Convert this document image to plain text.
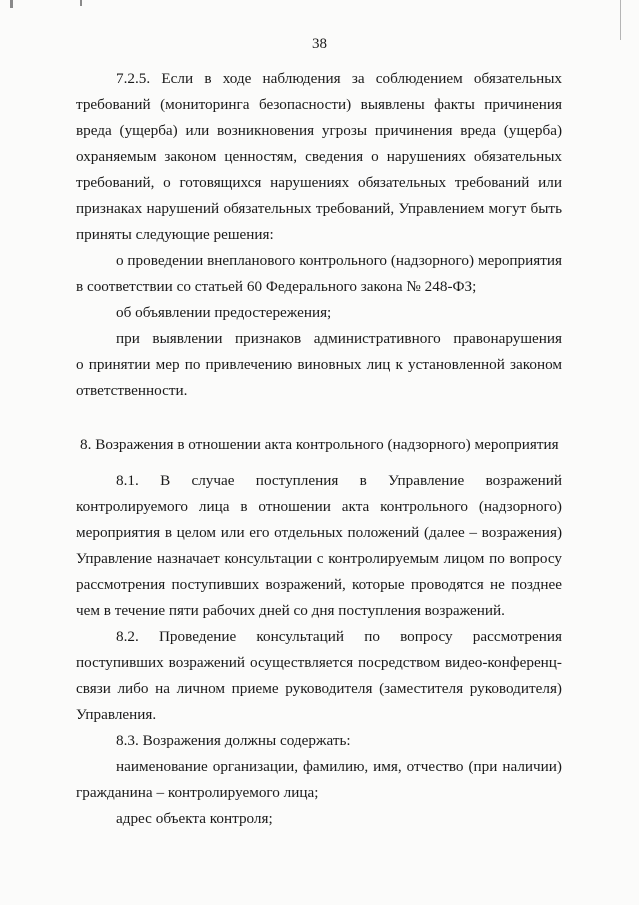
38

7.2.5. Если в ходе наблюдения за соблюдением обязательных

требований (мониторинга безопасности) выявлены факты причинения

вреда (ущерба) или возникновения угрозы причинения вреда (ущерба)

охраняемым законом ценностям, сведения о нарушениях обязательных

требований, о готовящихся нарушениях обязательных требований или

признаках нарушений обязательных требований, Управлением могут быть

приняты следующие решения:

о проведении внепланового контрольного (надзорного) мероприятия

в соответствии со статьей 60 Федерального закона № 248-ФЗ;

об объявлении предостережения;

при выявлении признаков административного правонарушения

о принятии мер по привлечению виновных лиц к установленной законом

ответственности.

8. Возражения в отношении акта контрольного (надзорного) мероприятия

8.1. В случае поступления в Управление возражений

контролируемого лица в отношении акта контрольного (надзорного)

мероприятия в целом или его отдельных положений (далее – возражения)

Управление назначает консультации с контролируемым лицом по вопросу

рассмотрения поступивших возражений, которые проводятся не позднее

чем в течение пяти рабочих дней со дня поступления возражений.

8.2. Проведение консультаций по вопросу рассмотрения

поступивших возражений осуществляется посредством видео-конференц-

связи либо на личном приеме руководителя (заместителя руководителя)

Управления.

8.3. Возражения должны содержать:

наименование организации, фамилию, имя, отчество (при наличии)

гражданина – контролируемого лица;

адрес объекта контроля;
